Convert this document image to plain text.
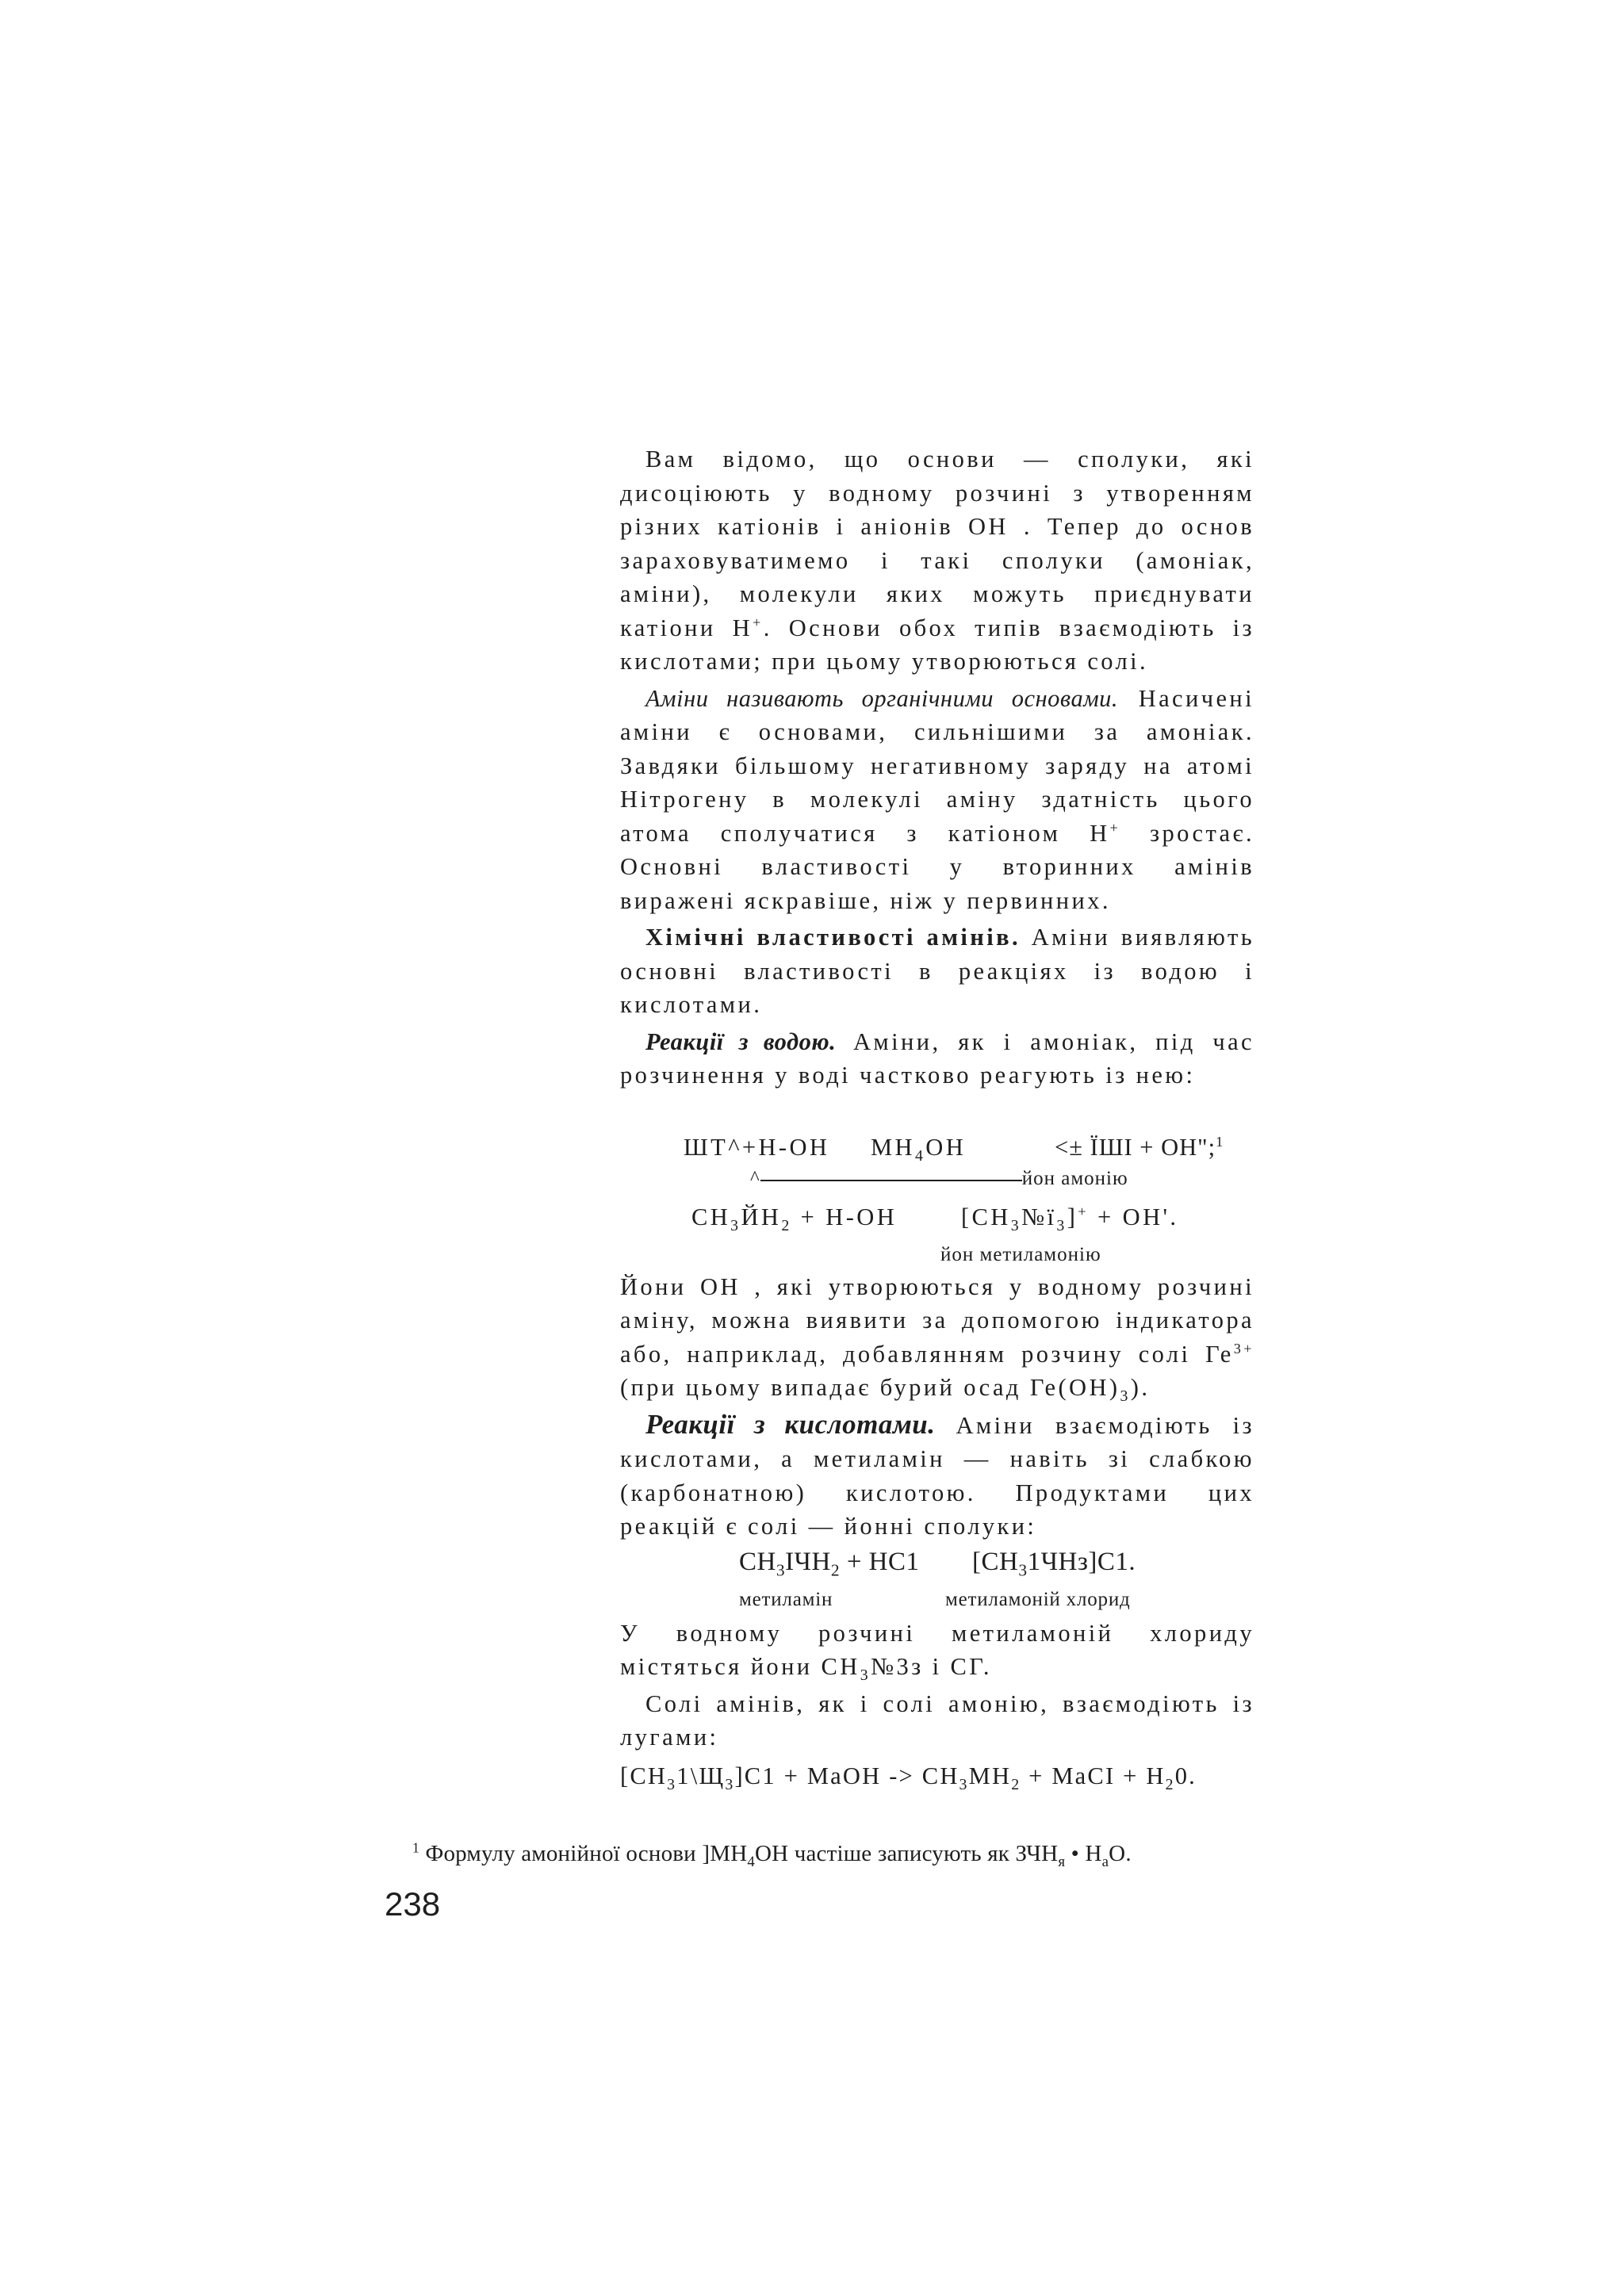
Вам відомо, що основи — сполуки, які дисоціюють у водному розчині з утворенням різних катіонів і аніонів ОН . Тепер до основ зараховуватимемо і такі сполуки (амоніак, аміни), молекули яких можуть приєднувати катіони Н+. Основи обох типів взаємодіють із кислотами; при цьому утворюються солі.

Аміни називають органічними основами. Насичені аміни є основами, сильнішими за амоніак. Завдяки більшому негативному заряду на атомі Нітрогену в молекулі аміну здатність цього атома сполучатися з катіоном Н+ зростає. Основні властивості у вторинних амінів виражені яскравіше, ніж у первинних.

Хімічні властивості амінів. Аміни виявляють основні властивості в реакціях із водою і кислотами.

Реакції з водою. Аміни, як і амоніак, під час розчинення у воді частково реагують із нею:

ШТ^+Н-ОН $МН_4ОН$	<± ЇШІ + ОН";$^1$
^	йон амонію
$СН_3ЙН_2 + Н-ОН$	$[СН_3№ї_3]^+ + ОН'$.
йон метиламонію

Йони ОН , які утворюються у водному розчині аміну, можна виявити за допомогою індикатора або, наприклад, добавлянням розчину солі $Ге^{3+}$ (при цьому випадає бурий осад $Ге(ОН)_3$).

Реакції з кислотами. Аміни взаємодіють із кислотами, а метиламін — навіть зі слабкою (карбонатною) кислотою. Продуктами цих реакцій є солі — йонні сполуки:

$СН_3ІЧН_2 + НС1$ $[СН_31ЧНз]С1$.
метиламін	метиламоній хлорид

У водному розчині метиламоній хлориду містяться йони $СН_3№3з$ і СГ.

Солі амінів, як і солі амонію, взаємодіють із лугами:

$[СН_31\backslash Щ_3]С1$ + МаОН -> $СН_3МН_2$ + МаСІ + $Н_20$.
$^1$ Формулу амонійної основи ]$МН_4ОН$ частіше записують як $ЗЧН_я$ • $Н_аО$.
238
